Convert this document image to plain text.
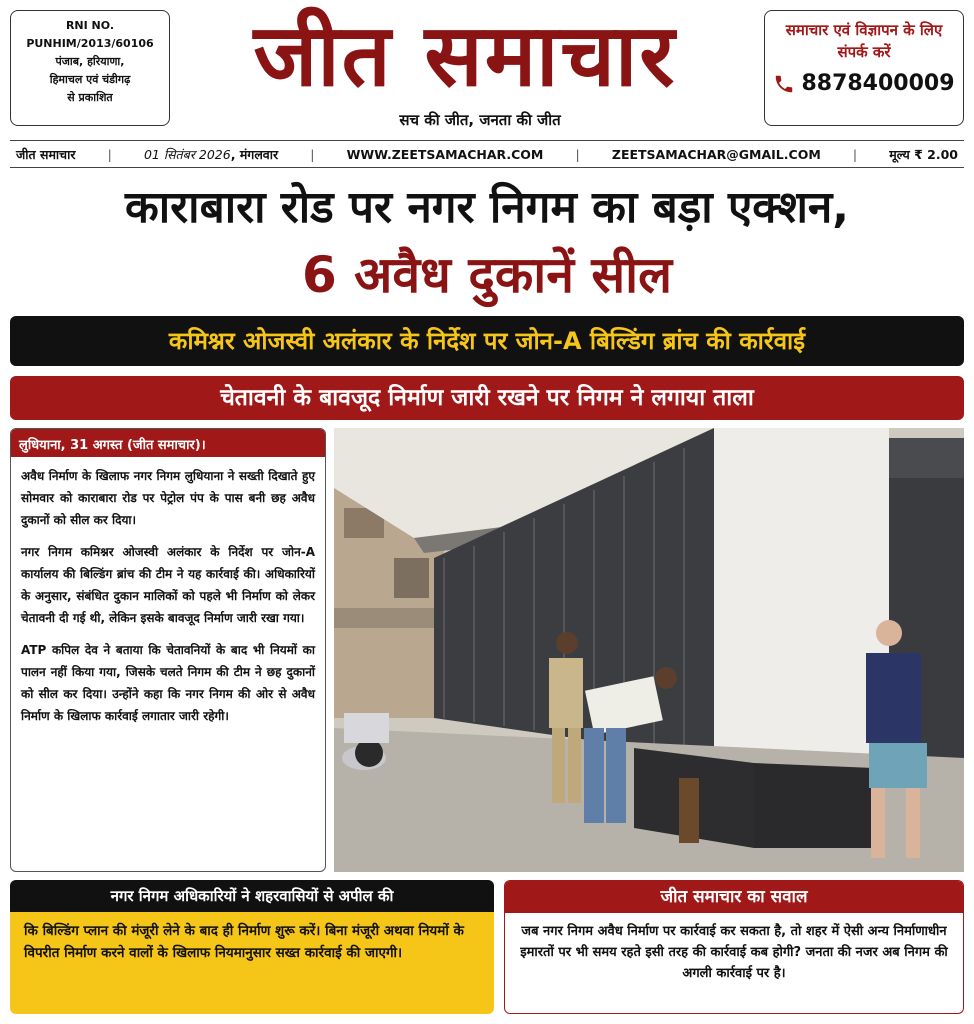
RNI NO.
PUNHIM/2013/60106
पंजाब, हरियाणा,
हिमाचल एवं चंडीगढ़
से प्रकाशित	जीत समाचार
सच की जीत, जनता की जीत
समाचार एवं विज्ञापन के लिए संपर्क करें
8878400009
जीत समाचार	|	01 सितंबर 2026, मंगलवार	|	WWW.ZEETSAMACHAR.COM	|	ZEETSAMACHAR@GMAIL.COM	|	मूल्य ₹ 2.00
काराबारा रोड पर नगर निगम का बड़ा एक्शन,
6 अवैध दुकानें सील
कमिश्नर ओजस्वी अलंकार के निर्देश पर जोन-A बिल्डिंग ब्रांच की कार्रवाई
चेतावनी के बावजूद निर्माण जारी रखने पर निगम ने लगाया ताला
लुधियाना, 31 अगस्त (जीत समाचार)।

अवैध निर्माण के खिलाफ नगर निगम लुधियाना ने सख्ती दिखाते हुए सोमवार को काराबारा रोड पर पेट्रोल पंप के पास बनी छह अवैध दुकानों को सील कर दिया।

नगर निगम कमिश्नर ओजस्वी अलंकार के निर्देश पर जोन-A कार्यालय की बिल्डिंग ब्रांच की टीम ने यह कार्रवाई की। अधिकारियों के अनुसार, संबंधित दुकान मालिकों को पहले भी निर्माण को लेकर चेतावनी दी गई थी, लेकिन इसके बावजूद निर्माण जारी रखा गया।

ATP कपिल देव ने बताया कि चेतावनियों के बाद भी नियमों का पालन नहीं किया गया, जिसके चलते निगम की टीम ने छह दुकानों को सील कर दिया। उन्होंने कहा कि नगर निगम की ओर से अवैध निर्माण के खिलाफ कार्रवाई लगातार जारी रहेगी।

नगर निगम अधिकारियों ने शहरवासियों से अपील की
कि बिल्डिंग प्लान की मंजूरी लेने के बाद ही निर्माण शुरू करें। बिना मंजूरी अथवा नियमों के विपरीत निर्माण करने वालों के खिलाफ नियमानुसार सख्त कार्रवाई की जाएगी।
जीत समाचार का सवाल
जब नगर निगम अवैध निर्माण पर कार्रवाई कर सकता है, तो शहर में ऐसी अन्य निर्माणाधीन इमारतों पर भी समय रहते इसी तरह की कार्रवाई कब होगी? जनता की नजर अब निगम की अगली कार्रवाई पर है।
